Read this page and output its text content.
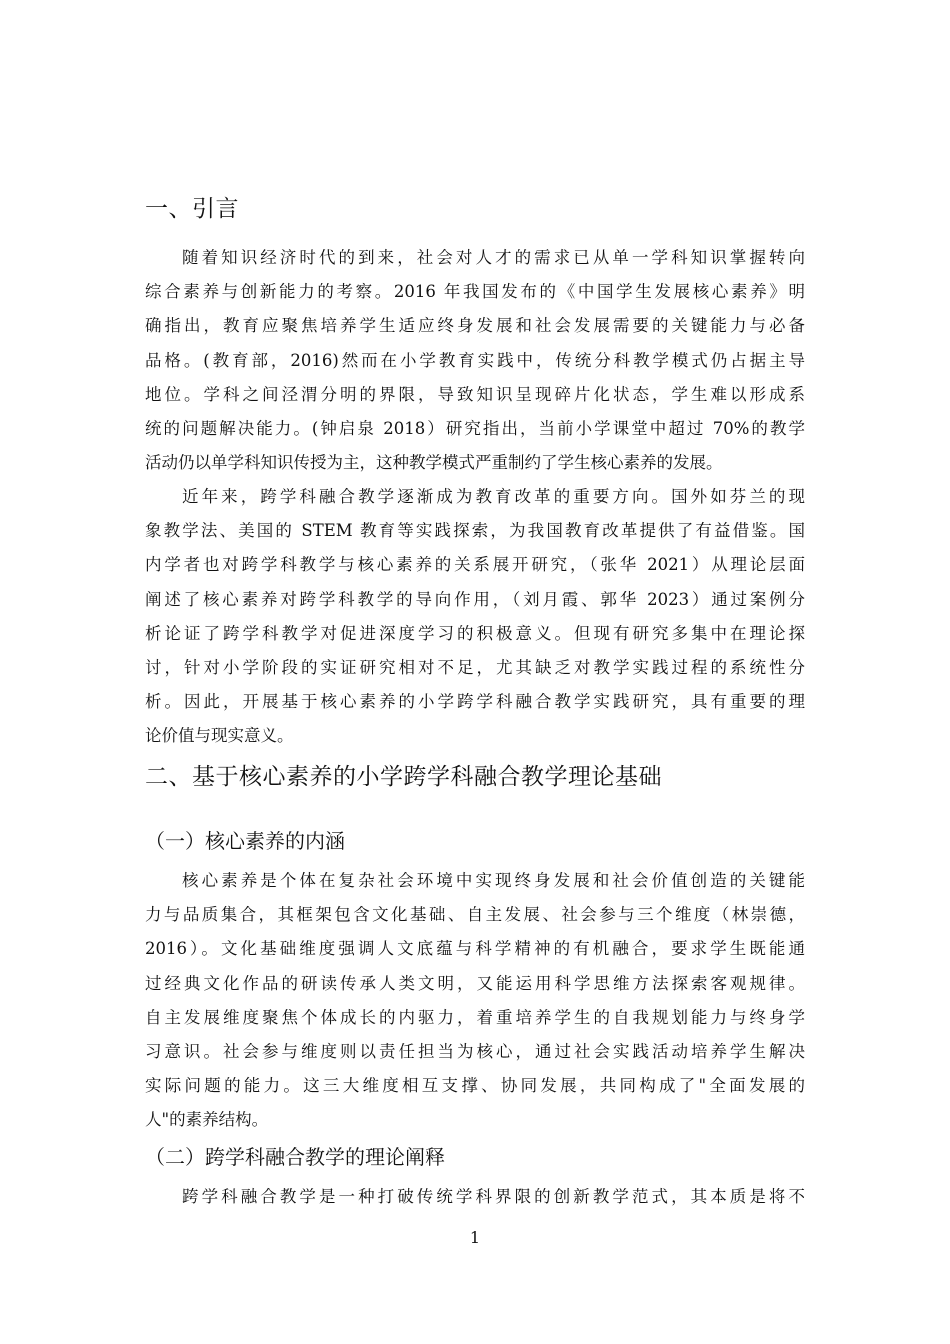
一、引言
随着知识经济时代的到来，社会对人才的需求已从单一学科知识掌握转向
综合素养与创新能力的考察。2016 年我国发布的《中国学生发展核心素养》明
确指出，教育应聚焦培养学生适应终身发展和社会发展需要的关键能力与必备
品格。(教育部，2016)然而在小学教育实践中，传统分科教学模式仍占据主导
地位。学科之间泾渭分明的界限，导致知识呈现碎片化状态，学生难以形成系
统的问题解决能力。(钟启泉 2018）研究指出，当前小学课堂中超过 70%的教学
活动仍以单学科知识传授为主，这种教学模式严重制约了学生核心素养的发展。
近年来，跨学科融合教学逐渐成为教育改革的重要方向。国外如芬兰的现
象教学法、美国的 STEM 教育等实践探索，为我国教育改革提供了有益借鉴。国
内学者也对跨学科教学与核心素养的关系展开研究，（张华 2021）从理论层面
阐述了核心素养对跨学科教学的导向作用，（刘月霞、郭华 2023）通过案例分
析论证了跨学科教学对促进深度学习的积极意义。但现有研究多集中在理论探
讨，针对小学阶段的实证研究相对不足，尤其缺乏对教学实践过程的系统性分
析。因此，开展基于核心素养的小学跨学科融合教学实践研究，具有重要的理
论价值与现实意义。
二、基于核心素养的小学跨学科融合教学理论基础
（一）核心素养的内涵
核心素养是个体在复杂社会环境中实现终身发展和社会价值创造的关键能
力与品质集合，其框架包含文化基础、自主发展、社会参与三个维度（林崇德，
2016）。文化基础维度强调人文底蕴与科学精神的有机融合，要求学生既能通
过经典文化作品的研读传承人类文明，又能运用科学思维方法探索客观规律。
自主发展维度聚焦个体成长的内驱力，着重培养学生的自我规划能力与终身学
习意识。社会参与维度则以责任担当为核心，通过社会实践活动培养学生解决
实际问题的能力。这三大维度相互支撑、协同发展，共同构成了"全面发展的
人"的素养结构。
（二）跨学科融合教学的理论阐释
跨学科融合教学是一种打破传统学科界限的创新教学范式，其本质是将不
1
